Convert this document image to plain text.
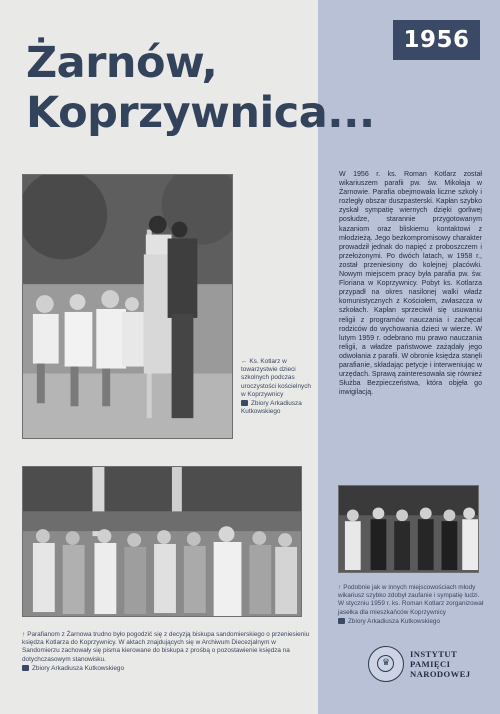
1956
Żarnów,
Koprzywnica...
← Ks. Kotlarz w towarzystwie dzieci szkolnych podczas uroczystości kościelnych w Koprzywnicy
Zbiory Arkadiusza Kutkowskiego
W 1956 r. ks. Roman Kotlarz został wikariuszem parafii pw. św. Mikołaja w Żarnowie. Parafia obejmowała liczne szkoły i rozległy obszar duszpasterski. Kapłan szybko zyskał sympatię wiernych dzięki gorliwej posłudze, starannie przygotowanym kazaniom oraz bliskiemu kontaktowi z młodzieżą. Jego bezkompromisowy charakter prowadził jednak do napięć z proboszczem i przełożonymi. Po dwóch latach, w 1958 r., został przeniesiony do kolejnej placówki. Nowym miejscem pracy była parafia pw. św. Floriana w Koprzywnicy. Pobyt ks. Kotlarza przypadł na okres nasilonej walki władz komunistycznych z Kościołem, zwłaszcza w szkołach. Kapłan sprzeciwił się usuwaniu religii z programów nauczania i zachęcał rodziców do wychowania dzieci w wierze. W lutym 1959 r. odebrano mu prawo nauczania religii, a władze państwowe zażądały jego odwołania z parafii. W obronie księdza stanęli parafianie, składając petycje i interweniując w urzędach. Sprawą zainteresowała się również Służba Bezpieczeństwa, która objęła go inwigilacją.
↑ Parafianom z Żarnowa trudno było pogodzić się z decyzją biskupa sandomierskiego o przeniesieniu księdza Kotlarza do Koprzywnicy. W aktach znajdujących się w Archiwum Diecezjalnym w Sandomierzu zachowały się pisma kierowane do biskupa z prośbą o pozostawienie księdza na dotychczasowym stanowisku.
Zbiory Arkadiusza Kutkowskiego
↑ Podobnie jak w innych miejscowościach młody wikariusz szybko zdobył zaufanie i sympatię ludzi. W styczniu 1959 r. ks. Roman Kotlarz zorganizował jasełka dla mieszkańców Koprzywnicy
Zbiory Arkadiusza Kutkowskiego
♛
INSTYTUT
PAMIĘCI
NARODOWEJ
